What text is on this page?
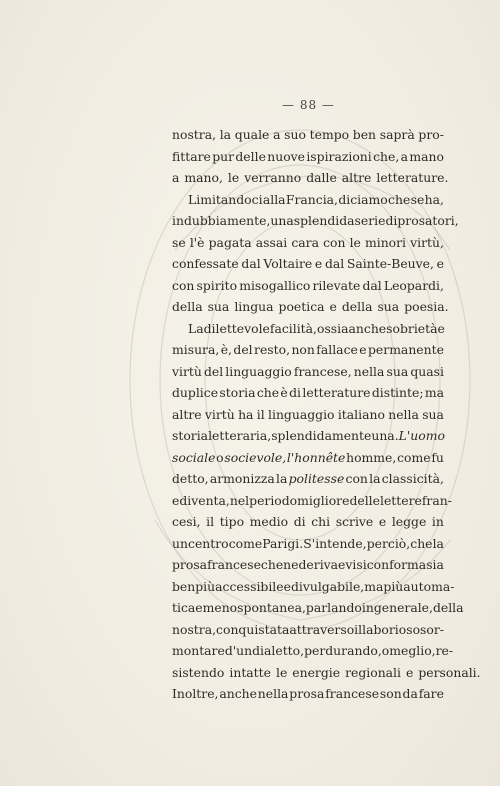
— 88 —
nostra, la quale a suo tempo ben saprà pro-
fittare pur delle nuove ispirazioni che, a mano
a mano, le verranno dalle altre letterature.
Limitandoci alla Francia, diciamo che se ha,
indubbiamente, una splendida serie di prosatori,
se l'è pagata assai cara con le minori virtù,
confessate dal Voltaire e dal Sainte-Beuve, e
con spirito misogallico rilevate dal Leopardi,
della sua lingua poetica e della sua poesia.
La dilettevole facilità, ossia anche sobrietà e
misura, è, del resto, non fallace e permanente
virtù del linguaggio francese, nella sua quasi
duplice storia che è di letterature distinte; ma
altre virtù ha il linguaggio italiano nella sua
storia letteraria, splendidamente una. L'uomo
sociale o socievole, l'honnête homme, come fu
detto, armonizza la politesse con la classicità,
e diventa, nel periodo migliore delle lettere fran-
cesi, il tipo medio di chi scrive e legge in
un centro come Parigi. S' intende, perciò, che la
prosa francese che ne deriva e vi si conforma sia
ben più accessibile e divulgabile, ma più automa-
tica e meno spontanea, parlando in generale, della
nostra, conquistata attraverso il laborioso sor-
montare d'un dialetto, perdurando, o meglio, re-
sistendo intatte le energie regionali e personali.
Inoltre, anche nella prosa francese son da fare
